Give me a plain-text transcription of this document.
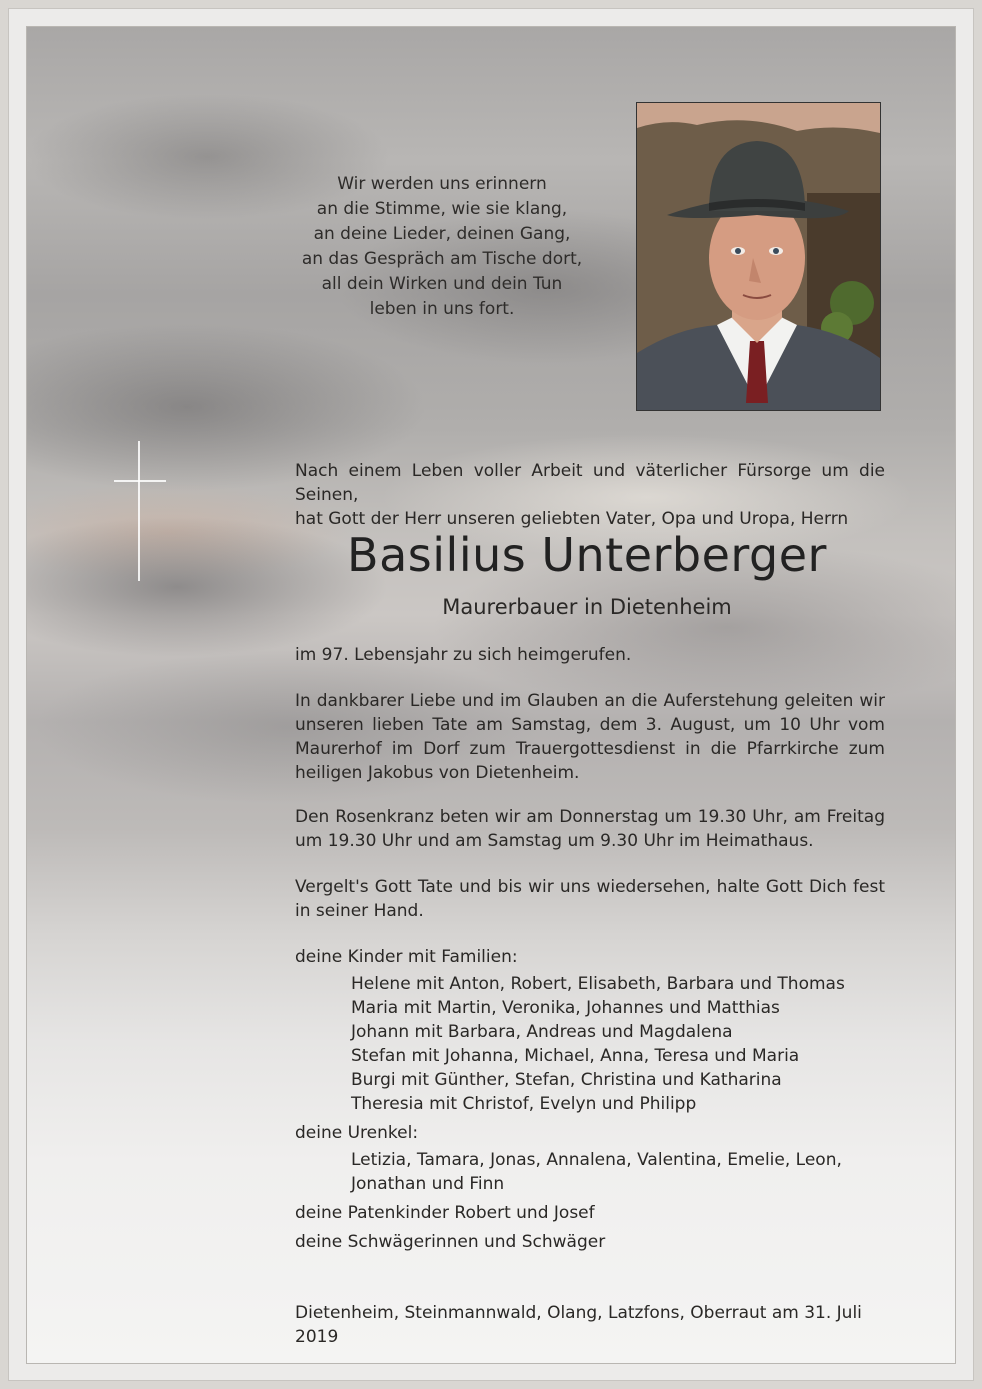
Wir werden uns erinnern
an die Stimme, wie sie klang,
an deine Lieder, deinen Gang,
an das Gespräch am Tische dort,
all dein Wirken und dein Tun
leben in uns fort.
Nach einem Leben voller Arbeit und väterlicher Fürsorge um die Seinen,
hat Gott der Herr unseren geliebten Vater, Opa und Uropa, Herrn
Basilius Unterberger
Maurerbauer in Dietenheim
im 97. Lebensjahr zu sich heimgerufen.
In dankbarer Liebe und im Glauben an die Auferstehung geleiten wir unseren lieben Tate am Samstag, dem 3. August, um 10 Uhr vom Maurerhof im Dorf zum Trauergottesdienst in die Pfarrkirche zum heiligen Jakobus von Dietenheim.
Den Rosenkranz beten wir am Donnerstag um 19.30 Uhr, am Freitag um 19.30 Uhr und am Samstag um 9.30 Uhr im Heimathaus.
Vergelt's Gott Tate und bis wir uns wiedersehen, halte Gott Dich fest in seiner Hand.
deine Kinder mit Familien:
Helene mit Anton, Robert, Elisabeth, Barbara und Thomas
Maria mit Martin, Veronika, Johannes und Matthias
Johann mit Barbara, Andreas und Magdalena
Stefan mit Johanna, Michael, Anna, Teresa und Maria
Burgi mit Günther, Stefan, Christina und Katharina
Theresia mit Christof, Evelyn und Philipp
deine Urenkel:
Letizia, Tamara, Jonas, Annalena, Valentina, Emelie, Leon,
Jonathan und Finn
deine Patenkinder Robert und Josef
deine Schwägerinnen und Schwäger
Dietenheim, Steinmannwald, Olang, Latzfons, Oberraut am 31. Juli 2019
